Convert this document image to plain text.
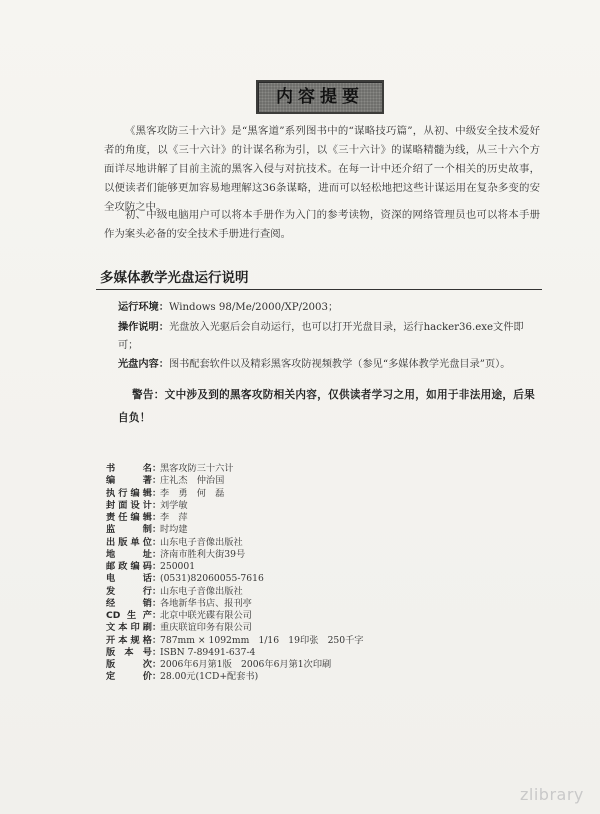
内容提要
《黑客攻防三十六计》是“黑客道”系列图书中的“谋略技巧篇”，从初、中级安全技术爱好者的角度，以《三十六计》的计谋名称为引，以《三十六计》的谋略精髓为线，从三十六个方面详尽地讲解了目前主流的黑客入侵与对抗技术。在每一计中还介绍了一个相关的历史故事，以便读者们能够更加容易地理解这36条谋略，进而可以轻松地把这些计谋运用在复杂多变的安全攻防之中。
初、中级电脑用户可以将本手册作为入门的参考读物，资深的网络管理员也可以将本手册作为案头必备的安全技术手册进行查阅。
多媒体教学光盘运行说明
运行环境：Windows 98/Me/2000/XP/2003；
操作说明：光盘放入光驱后会自动运行，也可以打开光盘目录，运行hacker36.exe文件即可；
光盘内容：图书配套软件以及精彩黑客攻防视频教学（参见“多媒体教学光盘目录”页）。
警告：文中涉及到的黑客攻防相关内容，仅供读者学习之用，如用于非法用途，后果自负！
书名 ：
黑客攻防三十六计
编著 ：
庄礼杰　仲治国
执行编辑 ：
李　勇　何　磊
封面设计 ：
刘学敏
责任编辑 ：
李　萍
监制 ：
时均建
出版单位 ：
山东电子音像出版社
地址 ：
济南市胜利大街39号
邮政编码 ：
250001
电话 ：
(0531)82060055-7616
发行 ：
山东电子音像出版社
经销 ：
各地新华书店、报刊亭
CD生产 ：
北京中联光碟有限公司
文本印刷 ：
重庆联谊印务有限公司
开本规格 ：
787mm × 1092mm　1/16　19印张　250千字
版本号 ：
ISBN 7-89491-637-4
版次 ：
2006年6月第1版　2006年6月第1次印刷
定价 ：
28.00元(1CD+配套书)
zlibrary
